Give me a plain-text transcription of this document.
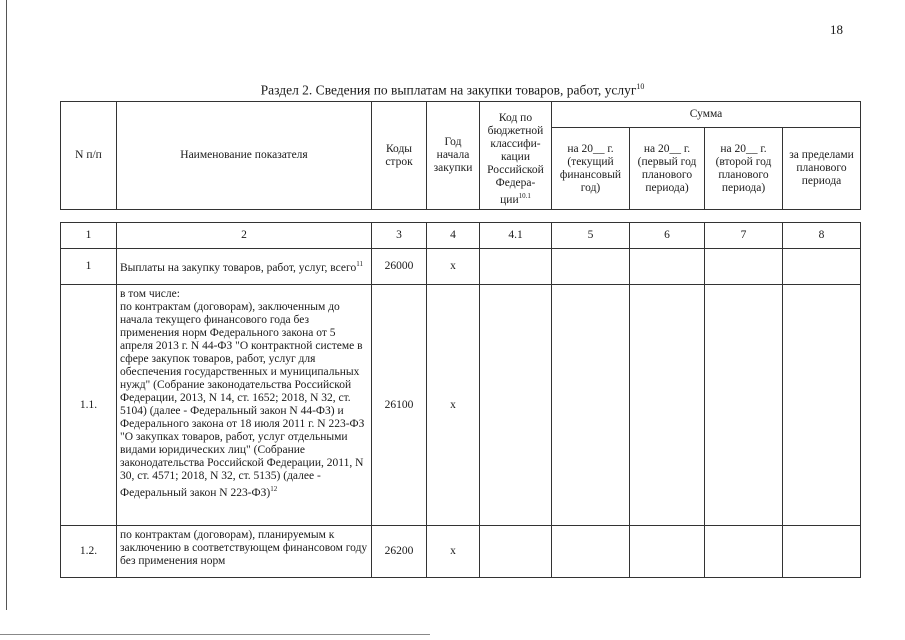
18
Раздел 2. Сведения по выплатам на закупки товаров, работ, услуг$^{10}$
N п/п	Наименование показателя	Коды строк	Год начала закупки	Код по бюджетной классифи- кации Российской Федера- ции$^{10.1}$	Сумма			
					на 20__ г. (текущий финансовый год)	на 20__ г. (первый год планового периода)	на 20__ г. (второй год планового периода)	за пределами планового периода
1	2	3	4	4.1	5	6	7	8
1	Выплаты на закупку товаров, работ, услуг, всего$^{11}$	26000	x					
1.1.	в том числе:
по контрактам (договорам), заключенным до начала текущего финансового года без применения норм Федерального закона от 5 апреля 2013 г. N 44-ФЗ "О контрактной системе в сфере закупок товаров, работ, услуг для обеспечения государственных и муниципальных нужд" (Собрание законодательства Российской Федерации, 2013, N 14, ст. 1652; 2018, N 32, ст. 5104) (далее - Федеральный закон N 44-ФЗ) и Федерального закона от 18 июля 2011 г. N 223-ФЗ "О закупках товаров, работ, услуг отдельными видами юридических лиц" (Собрание законодательства Российской Федерации, 2011, N 30, ст. 4571; 2018, N 32, ст. 5135) (далее - Федеральный закон N 223-ФЗ)$^{12}$	26100	x					
1.2.	по контрактам (договорам), планируемым к заключению в соответствующем финансовом году без применения норм	26200	x					
